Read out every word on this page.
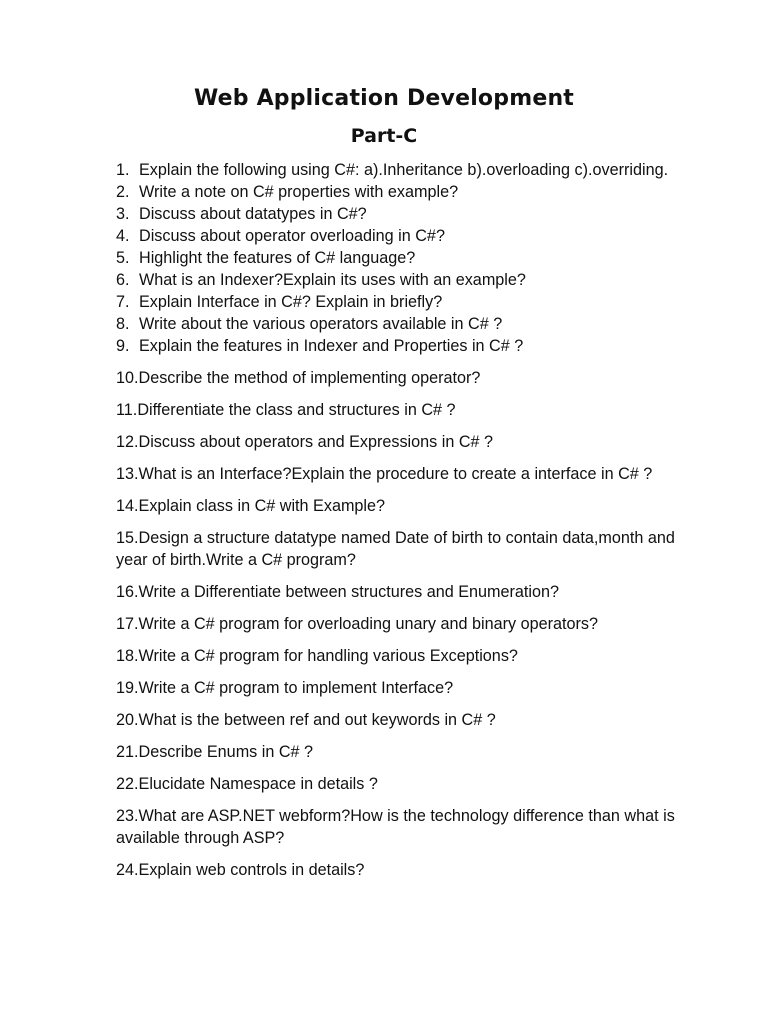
Web Application Development
Part-C
1. Explain the following using C#: a).Inheritance b).overloading c).overriding.
2. Write a note on C# properties with example?
3. Discuss about datatypes in C#?
4. Discuss about operator overloading in C#?
5. Highlight the features of C# language?
6. What is an Indexer?Explain its uses with an example?
7. Explain Interface in C#? Explain in briefly?
8. Write about the various operators available in C# ?
9. Explain the features in Indexer and Properties in C# ?
10.Describe the method of implementing operator?
11.Differentiate the class and structures in C# ?
12.Discuss about operators and Expressions in C# ?
13.What is an Interface?Explain the procedure to create a interface in C# ?
14.Explain class in C# with Example?
15.Design a structure datatype named Date of birth to contain data,month and year of birth.Write a C# program?
16.Write a Differentiate between structures and Enumeration?
17.Write a C# program for overloading unary and binary operators?
18.Write a C# program for handling various Exceptions?
19.Write a C# program to implement Interface?
20.What is the between ref and out keywords in C# ?
21.Describe Enums in C# ?
22.Elucidate Namespace in details ?
23.What are ASP.NET webform?How is the technology difference than what is available through ASP?
24.Explain web controls in details?
